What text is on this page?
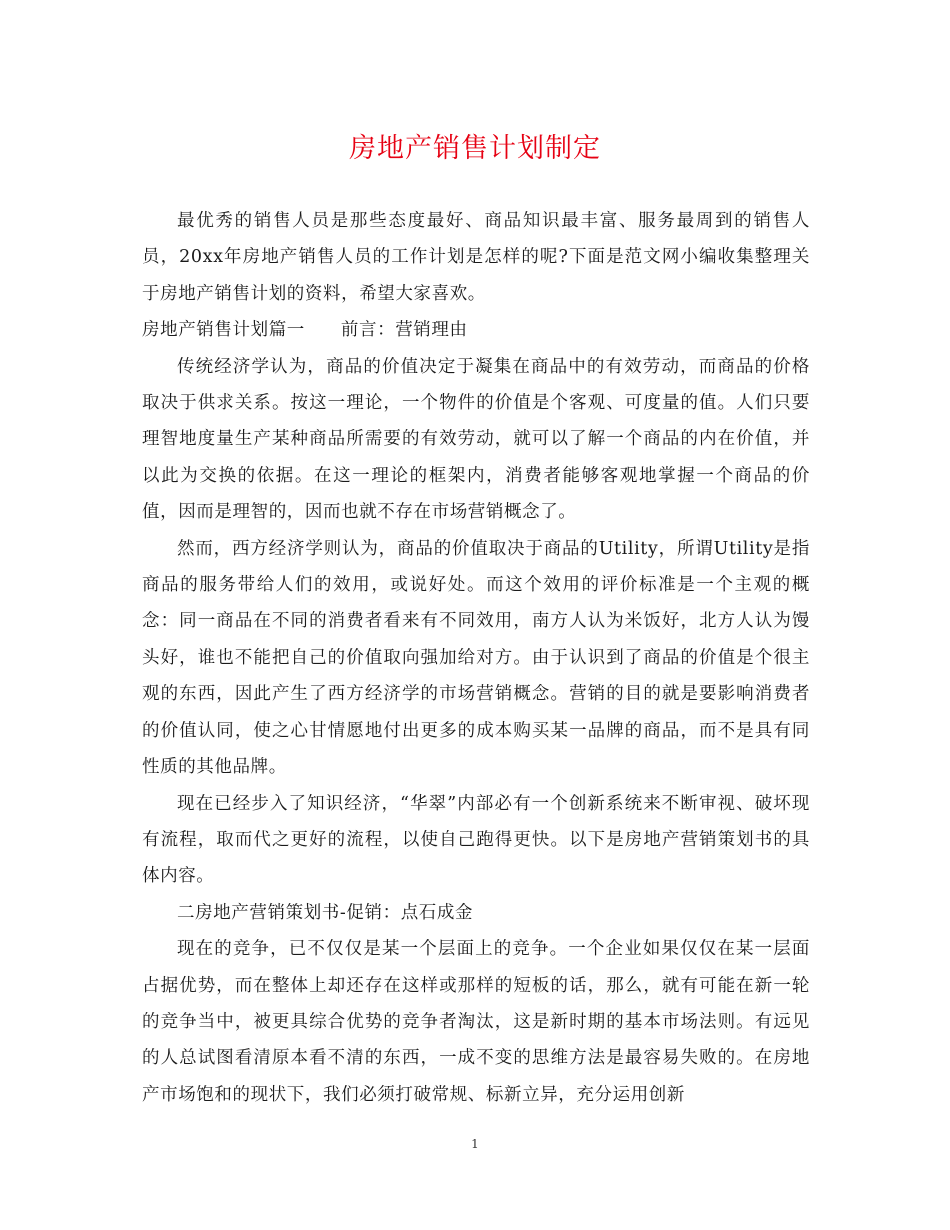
房地产销售计划制定

最优秀的销售人员是那些态度最好、商品知识最丰富、服务最周到的销售人员，20xx年房地产销售人员的工作计划是怎样的呢?下面是范文网小编收集整理关于房地产销售计划的资料，希望大家喜欢。

房地产销售计划篇一 前言：营销理由

传统经济学认为，商品的价值决定于凝集在商品中的有效劳动，而商品的价格取决于供求关系。按这一理论，一个物件的价值是个客观、可度量的值。人们只要理智地度量生产某种商品所需要的有效劳动，就可以了解一个商品的内在价值，并以此为交换的依据。在这一理论的框架内，消费者能够客观地掌握一个商品的价值，因而是理智的，因而也就不存在市场营销概念了。

然而，西方经济学则认为，商品的价值取决于商品的Utility，所谓Utility是指商品的服务带给人们的效用，或说好处。而这个效用的评价标准是一个主观的概念：同一商品在不同的消费者看来有不同效用，南方人认为米饭好，北方人认为馒头好，谁也不能把自己的价值取向强加给对方。由于认识到了商品的价值是个很主观的东西，因此产生了西方经济学的市场营销概念。营销的目的就是要影响消费者的价值认同，使之心甘情愿地付出更多的成本购买某一品牌的商品，而不是具有同性质的其他品牌。

现在已经步入了知识经济，“华翠”内部必有一个创新系统来不断审视、破坏现有流程，取而代之更好的流程，以使自己跑得更快。以下是房地产营销策划书的具体内容。

二房地产营销策划书-促销：点石成金

现在的竞争，已不仅仅是某一个层面上的竞争。一个企业如果仅仅在某一层面占据优势，而在整体上却还存在这样或那样的短板的话，那么，就有可能在新一轮的竞争当中，被更具综合优势的竞争者淘汰，这是新时期的基本市场法则。有远见的人总试图看清原本看不清的东西，一成不变的思维方法是最容易失败的。在房地产市场饱和的现状下，我们必须打破常规、标新立异，充分运用创新

1
